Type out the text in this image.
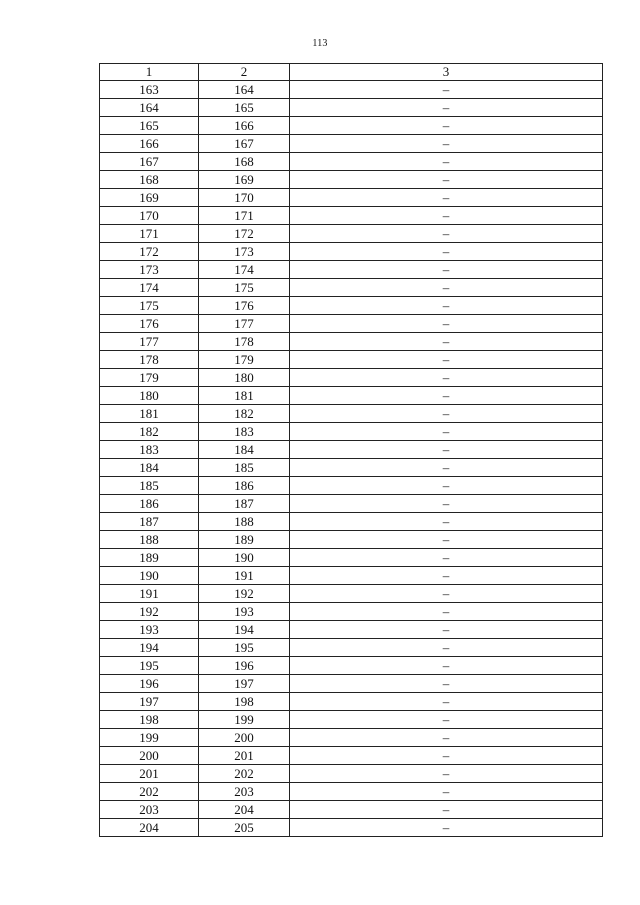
113
1	2	3
163	164	–
164	165	–
165	166	–
166	167	–
167	168	–
168	169	–
169	170	–
170	171	–
171	172	–
172	173	–
173	174	–
174	175	–
175	176	–
176	177	–
177	178	–
178	179	–
179	180	–
180	181	–
181	182	–
182	183	–
183	184	–
184	185	–
185	186	–
186	187	–
187	188	–
188	189	–
189	190	–
190	191	–
191	192	–
192	193	–
193	194	–
194	195	–
195	196	–
196	197	–
197	198	–
198	199	–
199	200	–
200	201	–
201	202	–
202	203	–
203	204	–
204	205	–
